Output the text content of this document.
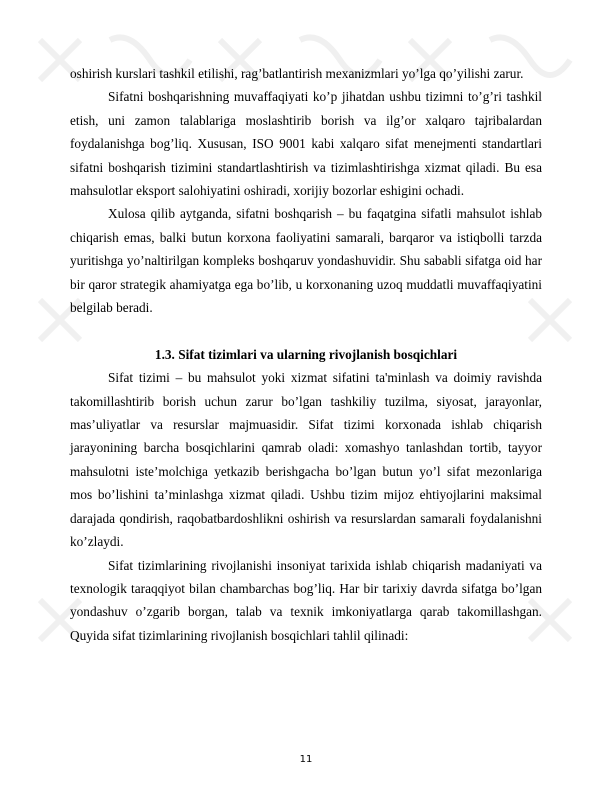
oshirish kurslari tashkil etilishi, rag’batlantirish mexanizmlari yo’lga qo’yilishi zarur.

Sifatni boshqarishning muvaffaqiyati ko’p jihatdan ushbu tizimni to’g’ri tashkil etish, uni zamon talablariga moslashtirib borish va ilg’or xalqaro tajribalardan foydalanishga bog’liq. Xususan, ISO 9001 kabi xalqaro sifat menejmenti standartlari sifatni boshqarish tizimini standartlashtirish va tizimlashtirishga xizmat qiladi. Bu esa mahsulotlar eksport salohiyatini oshiradi, xorijiy bozorlar eshigini ochadi.

Xulosa qilib aytganda, sifatni boshqarish – bu faqatgina sifatli mahsulot ishlab chiqarish emas, balki butun korxona faoliyatini samarali, barqaror va istiqbolli tarzda yuritishga yo’naltirilgan kompleks boshqaruv yondashuvidir. Shu sababli sifatga oid har bir qaror strategik ahamiyatga ega bo’lib, u korxonaning uzoq muddatli muvaffaqiyatini belgilab beradi.

1.3. Sifat tizimlari va ularning rivojlanish bosqichlari

Sifat tizimi – bu mahsulot yoki xizmat sifatini ta'minlash va doimiy ravishda takomillashtirib borish uchun zarur bo’lgan tashkiliy tuzilma, siyosat, jarayonlar, mas’uliyatlar va resurslar majmuasidir. Sifat tizimi korxonada ishlab chiqarish jarayonining barcha bosqichlarini qamrab oladi: xomashyo tanlashdan tortib, tayyor mahsulotni iste’molchiga yetkazib berishgacha bo’lgan butun yo’l sifat mezonlariga mos bo’lishini ta’minlashga xizmat qiladi. Ushbu tizim mijoz ehtiyojlarini maksimal darajada qondirish, raqobatbardoshlikni oshirish va resurslardan samarali foydalanishni ko’zlaydi.

Sifat tizimlarining rivojlanishi insoniyat tarixida ishlab chiqarish madaniyati va texnologik taraqqiyot bilan chambarchas bog’liq. Har bir tarixiy davrda sifatga bo’lgan yondashuv o’zgarib borgan, talab va texnik imkoniyatlarga qarab takomillashgan. Quyida sifat tizimlarining rivojlanish bosqichlari tahlil qilinadi:

11
